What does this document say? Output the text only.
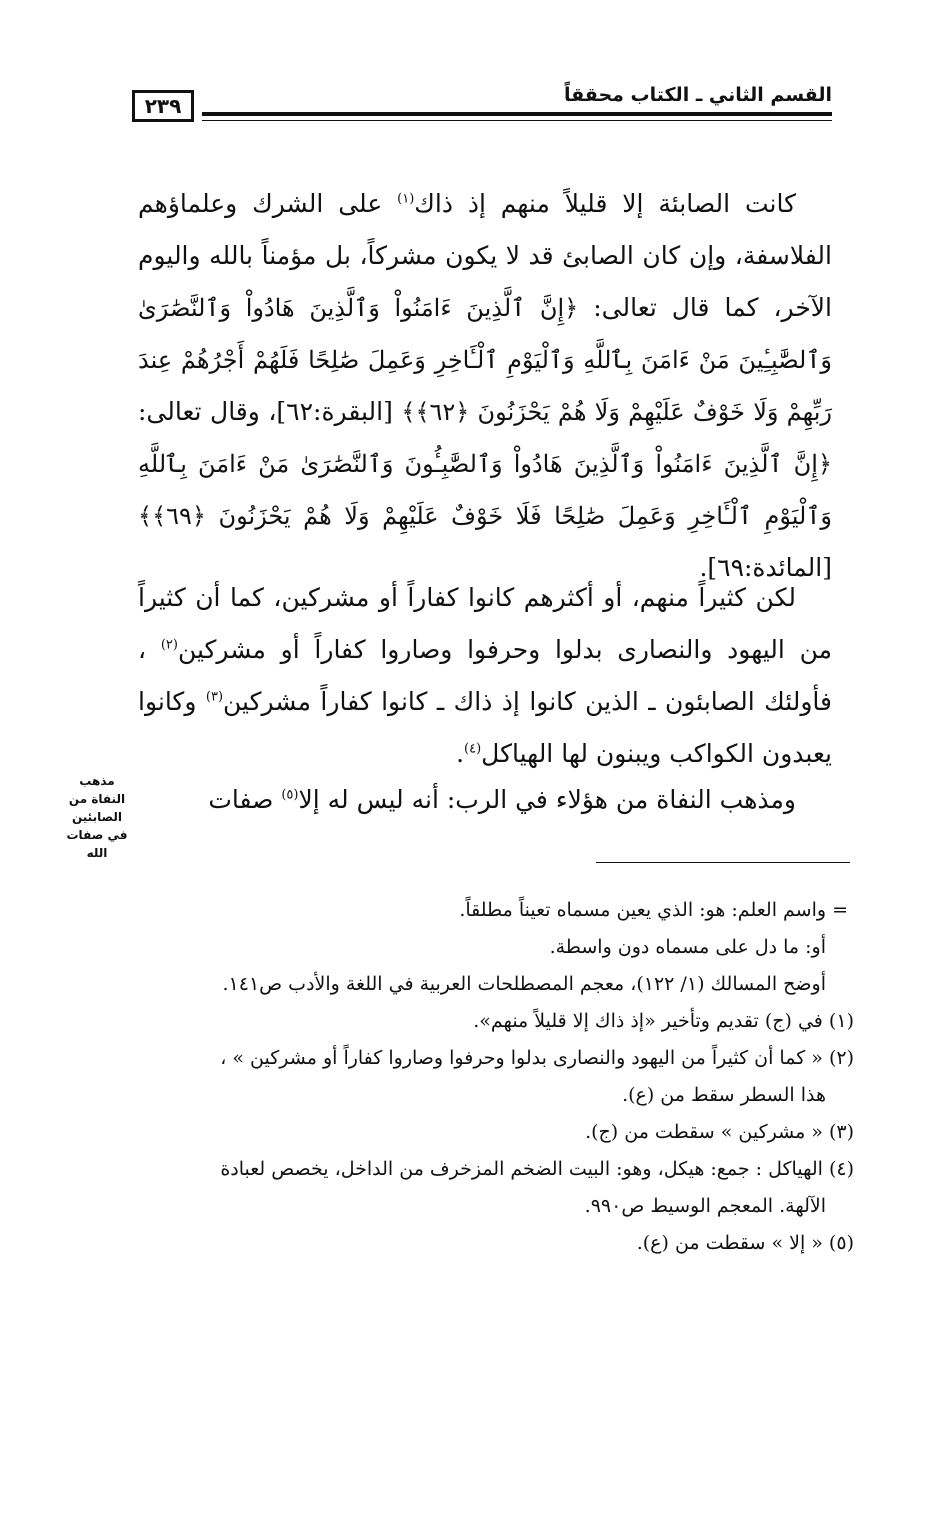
٢٣٩	القسم الثاني ـ الكتاب محققاً

كانت الصابئة إلا قليلاً منهم إذ ذاك$^{(١)}$ على الشرك وعلماؤهم الفلاسفة، وإن كان الصابئ قد لا يكون مشركاً، بل مؤمناً بالله واليوم الآخر، كما قال تعالى: ﴿إِنَّ ٱلَّذِينَ ءَامَنُواْ وَٱلَّذِينَ هَادُواْ وَٱلنَّصَٰرَىٰ وَٱلصَّٰبِـِٔينَ مَنْ ءَامَنَ بِٱللَّهِ وَٱلْيَوْمِ ٱلْـَٔاخِرِ وَعَمِلَ صَٰلِحًا فَلَهُمْ أَجْرُهُمْ عِندَ رَبِّهِمْ وَلَا خَوْفٌ عَلَيْهِمْ وَلَا هُمْ يَحْزَنُونَ ﴿٦٢﴾﴾ [البقرة:٦٢]، وقال تعالى: ﴿إِنَّ ٱلَّذِينَ ءَامَنُواْ وَٱلَّذِينَ هَادُواْ وَٱلصَّٰبِـُٔونَ وَٱلنَّصَٰرَىٰ مَنْ ءَامَنَ بِٱللَّهِ وَٱلْيَوْمِ ٱلْـَٔاخِرِ وَعَمِلَ صَٰلِحًا فَلَا خَوْفٌ عَلَيْهِمْ وَلَا هُمْ يَحْزَنُونَ ﴿٦٩﴾﴾ [المائدة:٦٩].

لكن كثيراً منهم، أو أكثرهم كانوا كفاراً أو مشركين، كما أن كثيراً من اليهود والنصارى بدلوا وحرفوا وصاروا كفاراً أو مشركين$^{(٢)}$ ، فأولئك الصابئون ـ الذين كانوا إذ ذاك ـ كانوا كفاراً مشركين$^{(٣)}$ وكانوا يعبدون الكواكب ويبنون لها الهياكل$^{(٤)}$.

ومذهب النفاة من هؤلاء في الرب: أنه ليس له إلا$^{(٥)}$ صفات

مذهب
النفاة من
الصابئين
في صفات
الله

= واسم العلم: هو: الذي يعين مسماه تعيناً مطلقاً.

أو: ما دل على مسماه دون واسطة.

أوضح المسالك (١/ ١٢٢)، معجم المصطلحات العربية في اللغة والأدب ص١٤١.

(١) في (ج) تقديم وتأخير «إذ ذاك إلا قليلاً منهم».

(٢) « كما أن كثيراً من اليهود والنصارى بدلوا وحرفوا وصاروا كفاراً أو مشركين » ،

هذا السطر سقط من (ع).

(٣) « مشركين » سقطت من (ج).

(٤) الهياكل : جمع: هيكل، وهو: البيت الضخم المزخرف من الداخل، يخصص لعبادة

الآلهة. المعجم الوسيط ص٩٩٠.

(٥) « إلا » سقطت من (ع).
